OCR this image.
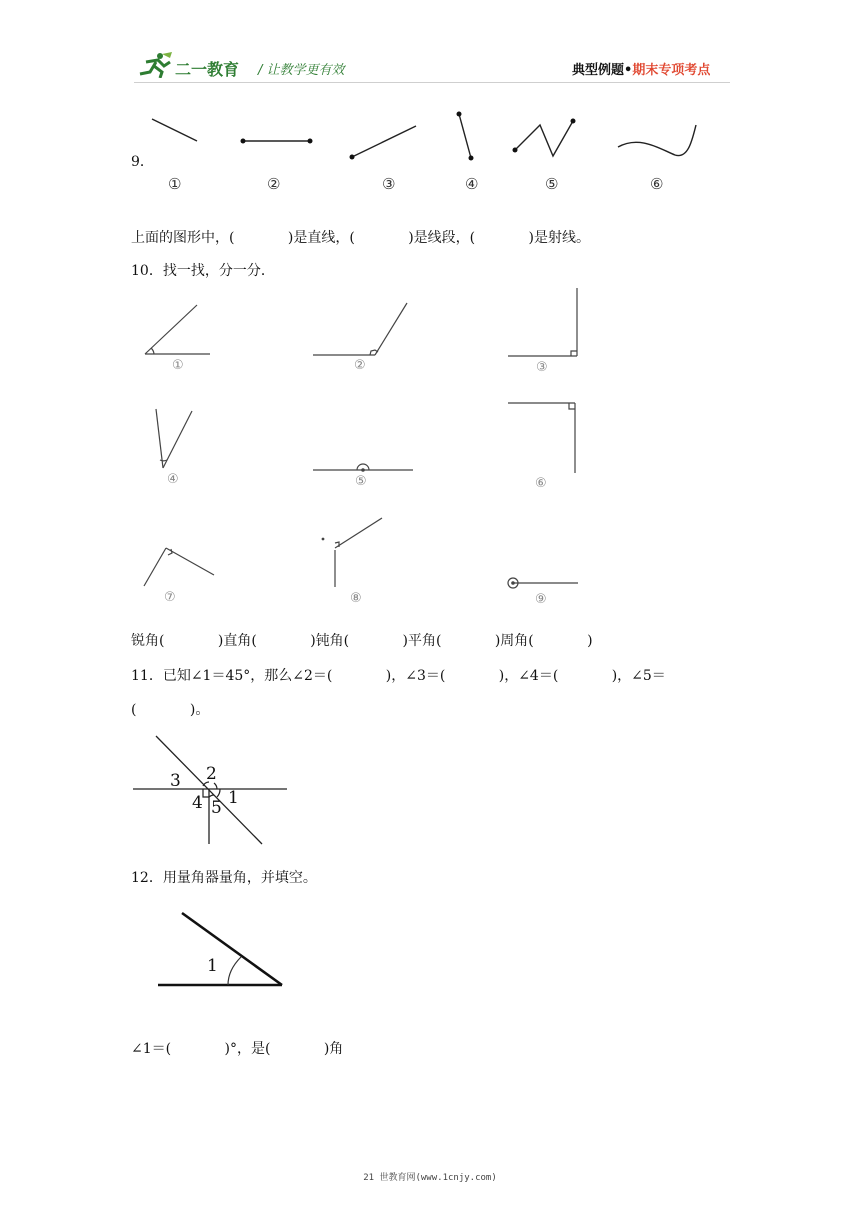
二一教育 / 让教学更有效	典型例题•期末专项考点
9．
①	②	③	④	⑤	⑥
上面的图形中，(            )是直线，(            )是线段，(            )是射线。
10．找一找，分一分．
①	②	③
④	⑤	⑥
⑦	⑧	⑨
锐角(            )直角(            )钝角(            )平角(            )周角(            )
11．已知∠1＝45°，那么∠2＝(            )，∠3＝(            )，∠4＝(            )，∠5＝
(            )。
1
2
3
4 5
12．用量角器量角，并填空。
1
∠1＝(            )°，是(            )角
21 世教育网(www.1cnjy.com)
